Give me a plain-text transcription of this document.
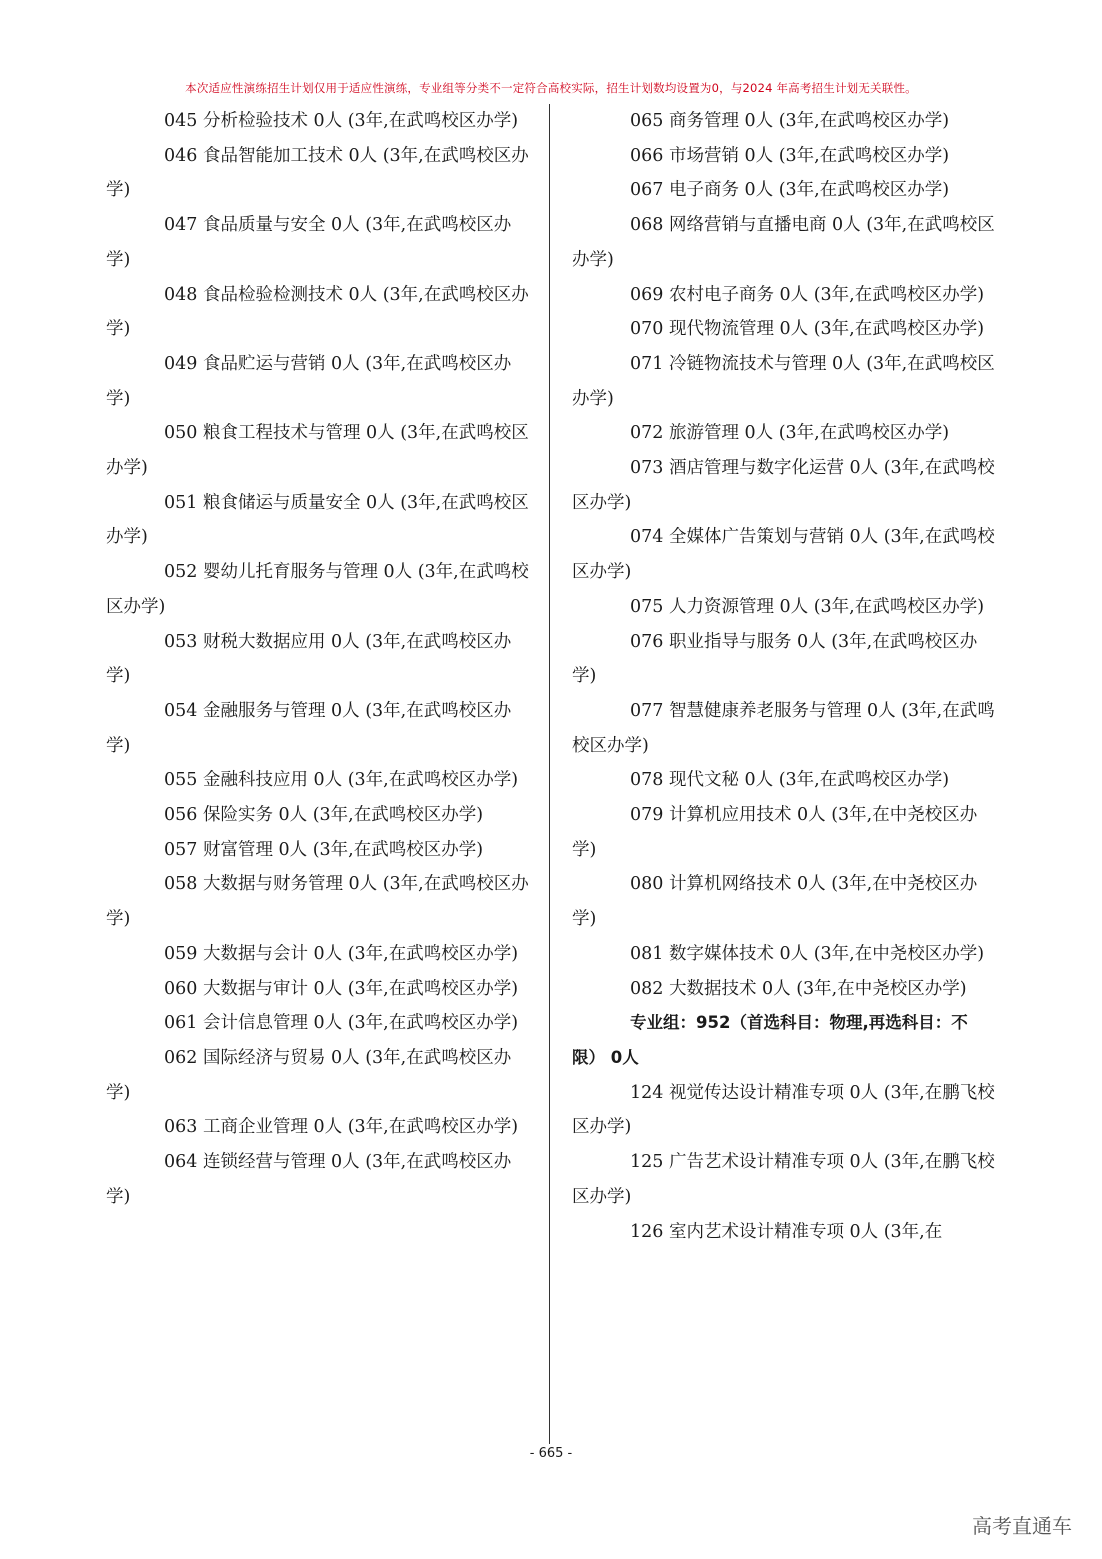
本次适应性演练招生计划仅用于适应性演练，专业组等分类不一定符合高校实际，招生计划数均设置为0，与2024 年高考招生计划无关联性。

045 分析检验技术 0人 (3年,在武鸣校区办学)

046 食品智能加工技术 0人 (3年,在武鸣校区办学)

047 食品质量与安全 0人 (3年,在武鸣校区办学)

048 食品检验检测技术 0人 (3年,在武鸣校区办学)

049 食品贮运与营销 0人 (3年,在武鸣校区办学)

050 粮食工程技术与管理 0人 (3年,在武鸣校区办学)

051 粮食储运与质量安全 0人 (3年,在武鸣校区办学)

052 婴幼儿托育服务与管理 0人 (3年,在武鸣校区办学)

053 财税大数据应用 0人 (3年,在武鸣校区办学)

054 金融服务与管理 0人 (3年,在武鸣校区办学)

055 金融科技应用 0人 (3年,在武鸣校区办学)

056 保险实务 0人 (3年,在武鸣校区办学)

057 财富管理 0人 (3年,在武鸣校区办学)

058 大数据与财务管理 0人 (3年,在武鸣校区办学)

059 大数据与会计 0人 (3年,在武鸣校区办学)

060 大数据与审计 0人 (3年,在武鸣校区办学)

061 会计信息管理 0人 (3年,在武鸣校区办学)

062 国际经济与贸易 0人 (3年,在武鸣校区办学)

063 工商企业管理 0人 (3年,在武鸣校区办学)

064 连锁经营与管理 0人 (3年,在武鸣校区办学)

065 商务管理 0人 (3年,在武鸣校区办学)

066 市场营销 0人 (3年,在武鸣校区办学)

067 电子商务 0人 (3年,在武鸣校区办学)

068 网络营销与直播电商 0人 (3年,在武鸣校区办学)

069 农村电子商务 0人 (3年,在武鸣校区办学)

070 现代物流管理 0人 (3年,在武鸣校区办学)

071 冷链物流技术与管理 0人 (3年,在武鸣校区办学)

072 旅游管理 0人 (3年,在武鸣校区办学)

073 酒店管理与数字化运营 0人 (3年,在武鸣校区办学)

074 全媒体广告策划与营销 0人 (3年,在武鸣校区办学)

075 人力资源管理 0人 (3年,在武鸣校区办学)

076 职业指导与服务 0人 (3年,在武鸣校区办学)

077 智慧健康养老服务与管理 0人 (3年,在武鸣校区办学)

078 现代文秘 0人 (3年,在武鸣校区办学)

079 计算机应用技术 0人 (3年,在中尧校区办学)

080 计算机网络技术 0人 (3年,在中尧校区办学)

081 数字媒体技术 0人 (3年,在中尧校区办学)

082 大数据技术 0人 (3年,在中尧校区办学)

专业组：952（首选科目：物理,再选科目：不限） 0人

124 视觉传达设计精准专项 0人 (3年,在鹏飞校区办学)

125 广告艺术设计精准专项 0人 (3年,在鹏飞校区办学)

126 室内艺术设计精准专项 0人 (3年,在

- 665 -
高考直通车
